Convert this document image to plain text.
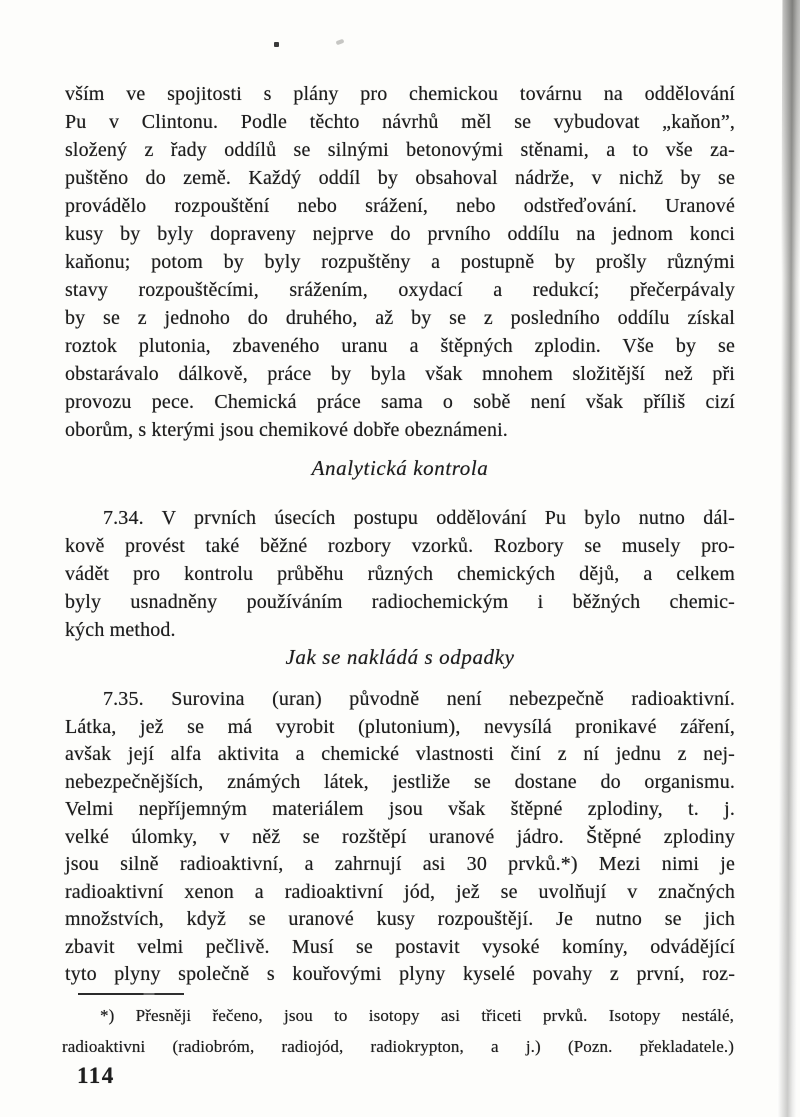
vším ve spojitosti s plány pro chemickou továrnu na oddělování
Pu v Clintonu. Podle těchto návrhů měl se vybudovat „kaňon”,
složený z řady oddílů se silnými betonovými stěnami, a to vše za-
puštěno do země. Každý oddíl by obsahoval nádrže, v nichž by se
provádělo rozpouštění nebo srážení, nebo odstřeďování. Uranové
kusy by byly dopraveny nejprve do prvního oddílu na jednom konci
kaňonu; potom by byly rozpuštěny a postupně by prošly různými
stavy rozpouštěcími, srážením, oxydací a redukcí; přečerpávaly
by se z jednoho do druhého, až by se z posledního oddílu získal
roztok plutonia, zbaveného uranu a štěpných zplodin. Vše by se
obstarávalo dálkově, práce by byla však mnohem složitější než při
provozu pece. Chemická práce sama o sobě není však příliš cizí
oborům, s kterými jsou chemikové dobře obeznámeni.
Analytická kontrola
7.34. V prvních úsecích postupu oddělování Pu bylo nutno dál-
kově provést také běžné rozbory vzorků. Rozbory se musely pro-
vádět pro kontrolu průběhu různých chemických dějů, a celkem
byly usnadněny používáním radiochemickým i běžných chemic-
kých method.
Jak se nakládá s odpadky
7.35. Surovina (uran) původně není nebezpečně radioaktivní.
Látka, jež se má vyrobit (plutonium), nevysílá pronikavé záření,
avšak její alfa aktivita a chemické vlastnosti činí z ní jednu z nej-
nebezpečnějších, známých látek, jestliže se dostane do organismu.
Velmi nepříjemným materiálem jsou však štěpné zplodiny, t. j.
velké úlomky, v něž se rozštěpí uranové jádro. Štěpné zplodiny
jsou silně radioaktivní, a zahrnují asi 30 prvků.*) Mezi nimi je
radioaktivní xenon a radioaktivní jód, jež se uvolňují v značných
množstvích, když se uranové kusy rozpouštějí. Je nutno se jich
zbavit velmi pečlivě. Musí se postavit vysoké komíny, odvádějící
tyto plyny společně s kouřovými plyny kyselé povahy z první, roz-
*) Přesněji řečeno, jsou to isotopy asi třiceti prvků. Isotopy nestálé,
radioaktivni (radiobróm, radiojód, radiokrypton, a j.) (Pozn. překladatele.)
114
